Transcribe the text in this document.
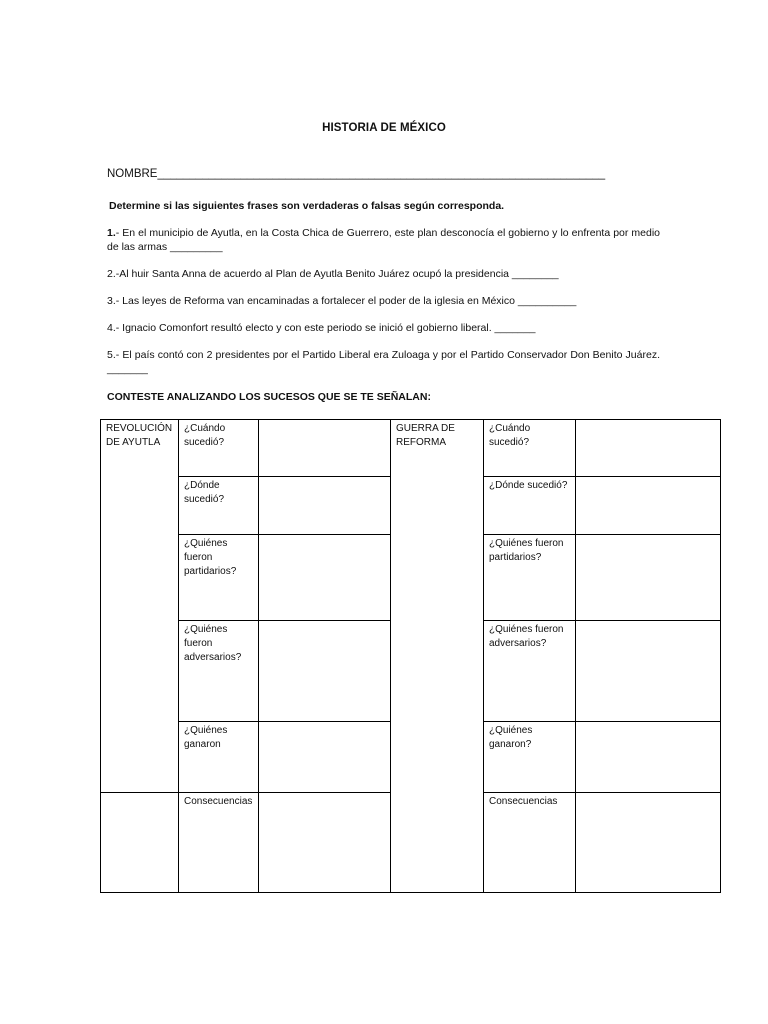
HISTORIA DE MÉXICO
NOMBRE______________________________________________________________________
Determine si las siguientes frases son verdaderas o falsas según corresponda.
1.- En el municipio de Ayutla, en la Costa Chica de Guerrero, este plan desconocía el gobierno y lo enfrenta por medio de las armas _________
2.-Al huir Santa Anna de acuerdo al Plan de Ayutla Benito Juárez ocupó la presidencia ________
3.- Las leyes de Reforma van encaminadas a fortalecer el poder de la iglesia en México __________
4.- Ignacio Comonfort resultó electo y con este periodo se inició el gobierno liberal. _______
5.- El país contó con 2 presidentes por el Partido Liberal era Zuloaga y por el Partido Conservador Don Benito Juárez. _______
CONTESTE ANALIZANDO LOS SUCESOS QUE SE TE SEÑALAN:
REVOLUCIÓN DE AYUTLA	¿Cuándo sucedió?		GUERRA DE REFORMA	¿Cuándo sucedió?	
	¿Dónde sucedió?			¿Dónde sucedió?	
	¿Quiénes fueron partidarios?			¿Quiénes fueron partidarios?	
	¿Quiénes fueron adversarios?			¿Quiénes fueron adversarios?	
	¿Quiénes ganaron			¿Quiénes ganaron?	
	Consecuencias			Consecuencias	
